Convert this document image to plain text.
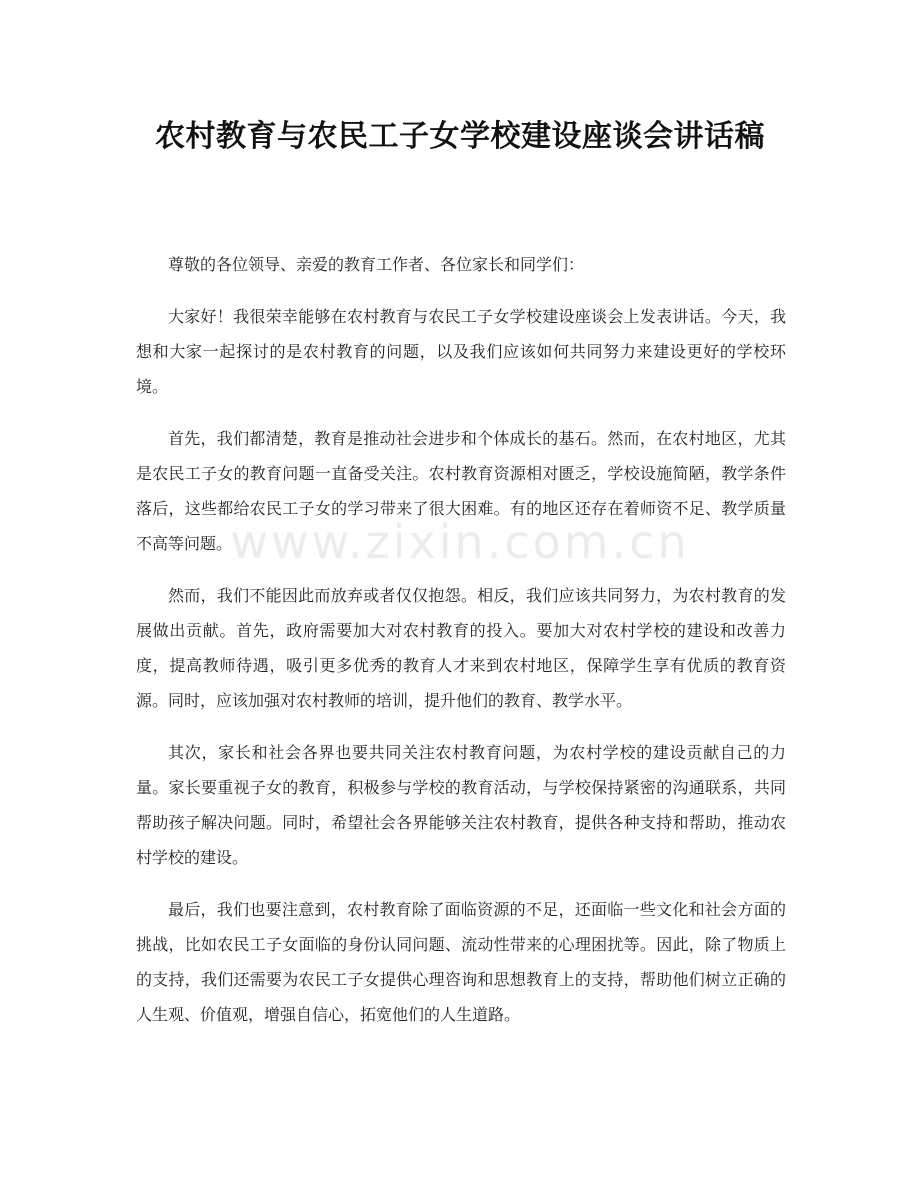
www.zixin.com.cn
农村教育与农民工子女学校建设座谈会讲话稿

尊敬的各位领导、亲爱的教育工作者、各位家长和同学们：

大家好！我很荣幸能够在农村教育与农民工子女学校建设座谈会上发表讲话。今天，我想和大家一起探讨的是农村教育的问题，以及我们应该如何共同努力来建设更好的学校环境。

首先，我们都清楚，教育是推动社会进步和个体成长的基石。然而，在农村地区，尤其是农民工子女的教育问题一直备受关注。农村教育资源相对匮乏，学校设施简陋，教学条件落后，这些都给农民工子女的学习带来了很大困难。有的地区还存在着师资不足、教学质量不高等问题。

然而，我们不能因此而放弃或者仅仅抱怨。相反，我们应该共同努力，为农村教育的发展做出贡献。首先，政府需要加大对农村教育的投入。要加大对农村学校的建设和改善力度，提高教师待遇，吸引更多优秀的教育人才来到农村地区，保障学生享有优质的教育资源。同时，应该加强对农村教师的培训，提升他们的教育、教学水平。

其次，家长和社会各界也要共同关注农村教育问题，为农村学校的建设贡献自己的力量。家长要重视子女的教育，积极参与学校的教育活动，与学校保持紧密的沟通联系，共同帮助孩子解决问题。同时，希望社会各界能够关注农村教育，提供各种支持和帮助，推动农村学校的建设。

最后，我们也要注意到，农村教育除了面临资源的不足，还面临一些文化和社会方面的挑战，比如农民工子女面临的身份认同问题、流动性带来的心理困扰等。因此，除了物质上的支持，我们还需要为农民工子女提供心理咨询和思想教育上的支持，帮助他们树立正确的人生观、价值观，增强自信心，拓宽他们的人生道路。
